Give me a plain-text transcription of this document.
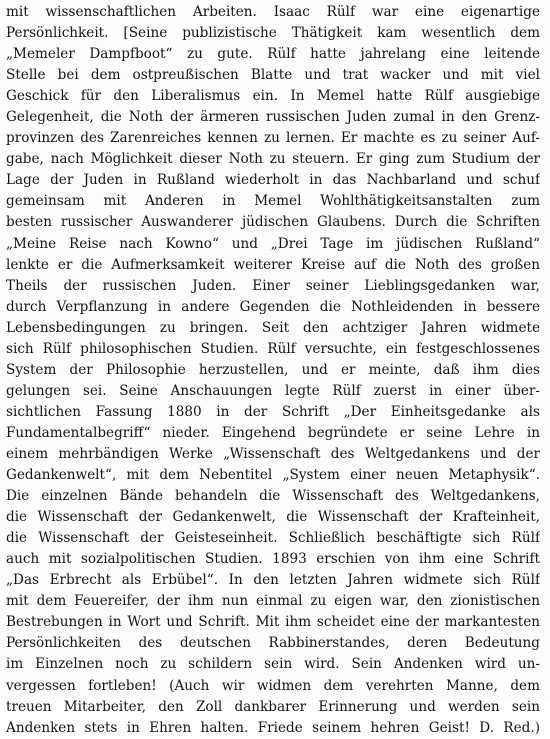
mit wissenschaftlichen Arbeiten. Isaac Rülf war eine eigenartige
Persönlichkeit. [Seine publizistische Thätigkeit kam wesentlich dem
„Memeler Dampfboot“ zu gute. Rülf hatte jahrelang eine leitende
Stelle bei dem ostpreußischen Blatte und trat wacker und mit viel
Geschick für den Liberalismus ein. In Memel hatte Rülf ausgiebige
Gelegenheit, die Noth der ärmeren russischen Juden zumal in den Grenz-
provinzen des Zarenreiches kennen zu lernen. Er machte es zu seiner Auf-
gabe, nach Möglichkeit dieser Noth zu steuern. Er ging zum Studium der
Lage der Juden in Rußland wiederholt in das Nachbarland und schuf
gemeinsam mit Anderen in Memel Wohlthätigkeitsanstalten zum
besten russischer Auswanderer jüdischen Glaubens. Durch die Schriften
„Meine Reise nach Kowno“ und „Drei Tage im jüdischen Rußland“
lenkte er die Aufmerksamkeit weiterer Kreise auf die Noth des großen
Theils der russischen Juden. Einer seiner Lieblingsgedanken war,
durch Verpflanzung in andere Gegenden die Nothleidenden in bessere
Lebensbedingungen zu bringen. Seit den achtziger Jahren widmete
sich Rülf philosophischen Studien. Rülf versuchte, ein festgeschlossenes
System der Philosophie herzustellen, und er meinte, daß ihm dies
gelungen sei. Seine Anschauungen legte Rülf zuerst in einer über-
sichtlichen Fassung 1880 in der Schrift „Der Einheitsgedanke als
Fundamentalbegriff“ nieder. Eingehend begründete er seine Lehre in
einem mehrbändigen Werke „Wissenschaft des Weltgedankens und der
Gedankenwelt“, mit dem Nebentitel „System einer neuen Metaphysik“.
Die einzelnen Bände behandeln die Wissenschaft des Weltgedankens,
die Wissenschaft der Gedankenwelt, die Wissenschaft der Krafteinheit,
die Wissenschaft der Geisteseinheit. Schließlich beschäftigte sich Rülf
auch mit sozialpolitischen Studien. 1893 erschien von ihm eine Schrift
„Das Erbrecht als Erbübel“. In den letzten Jahren widmete sich Rülf
mit dem Feuereifer, der ihm nun einmal zu eigen war, den zionistischen
Bestrebungen in Wort und Schrift. Mit ihm scheidet eine der markantesten
Persönlichkeiten des deutschen Rabbinerstandes, deren Bedeutung
im Einzelnen noch zu schildern sein wird. Sein Andenken wird un-
vergessen fortleben! (Auch wir widmen dem verehrten Manne, dem
treuen Mitarbeiter, den Zoll dankbarer Erinnerung und werden sein
Andenken stets in Ehren halten. Friede seinem hehren Geist! D. Red.)
